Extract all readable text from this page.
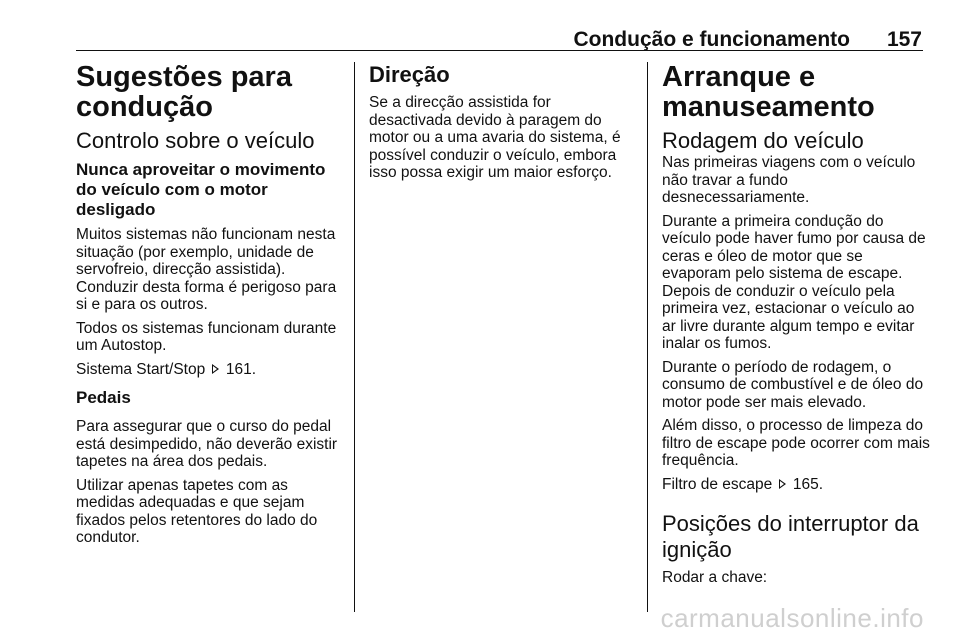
Condução e funcionamento 157
Sugestões para condução
Controlo sobre o veículo
Nunca aproveitar o movimento do veículo com o motor desligado

Muitos sistemas não funcionam nesta situação (por exemplo, unidade de servofreio, direcção assistida). Conduzir desta forma é perigoso para si e para os outros.

Todos os sistemas funcionam durante um Autostop.

Sistema Start/Stop 161.

Pedais

Para assegurar que o curso do pedal está desimpedido, não deverão existir tapetes na área dos pedais.

Utilizar apenas tapetes com as medidas adequadas e que sejam fixados pelos retentores do lado do condutor.

Direção

Se a direcção assistida for desactivada devido à paragem do motor ou a uma avaria do sistema, é possível conduzir o veículo, embora isso possa exigir um maior esforço.

Arranque e manuseamento
Rodagem do veículo

Nas primeiras viagens com o veículo não travar a fundo desnecessariamente.

Durante a primeira condução do veículo pode haver fumo por causa de ceras e óleo de motor que se evaporam pelo sistema de escape. Depois de conduzir o veículo pela primeira vez, estacionar o veículo ao ar livre durante algum tempo e evitar inalar os fumos.

Durante o período de rodagem, o consumo de combustível e de óleo do motor pode ser mais elevado.

Além disso, o processo de limpeza do filtro de escape pode ocorrer com mais frequência.

Filtro de escape 165.

Posições do interruptor da ignição

Rodar a chave:

carmanualsonline.info
